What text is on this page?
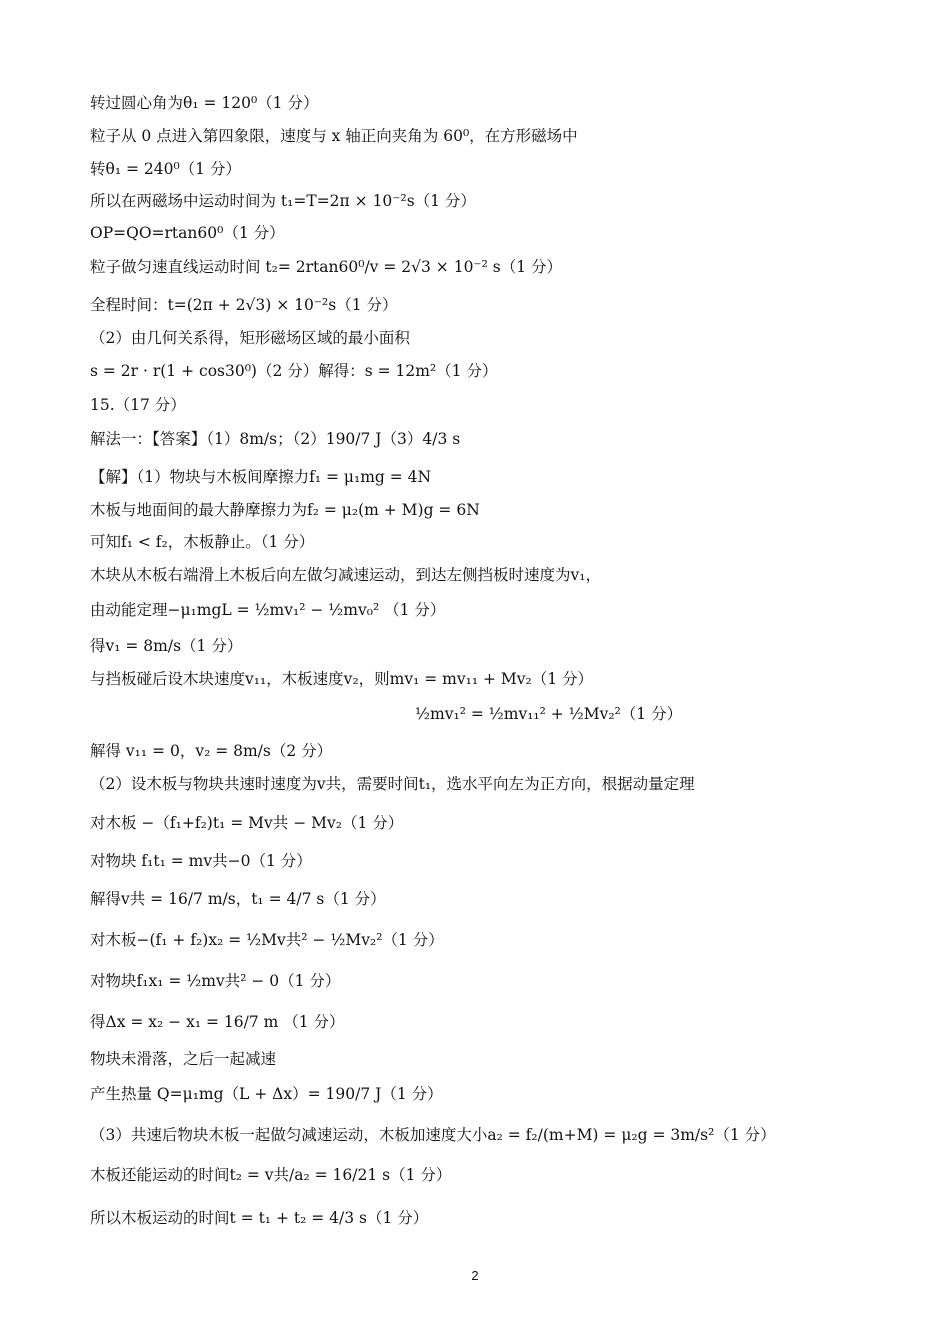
转过圆心角为θ₁ = 120⁰（1 分）
粒子从 0 点进入第四象限，速度与 x 轴正向夹角为 60⁰，在方形磁场中
转θ₁ = 240⁰（1 分）
所以在两磁场中运动时间为 t₁=T=2π × 10⁻²s（1 分）
OP=QO=rtan60⁰（1 分）
粒子做匀速直线运动时间 t₂= 2rtan60⁰/v = 2√3 × 10⁻² s（1 分）
全程时间：t=(2π + 2√3) × 10⁻²s（1 分）
（2）由几何关系得，矩形磁场区域的最小面积
s = 2r · r(1 + cos30⁰)（2 分）解得：s = 12m²（1 分）
15.（17 分）
解法一：【答案】（1）8m/s；（2）190/7 J（3）4/3 s
【解】（1）物块与木板间摩擦力f₁ = μ₁mg = 4N
木板与地面间的最大静摩擦力为f₂ = μ₂(m + M)g = 6N
可知f₁ < f₂，木板静止。（1 分）
木块从木板右端滑上木板后向左做匀减速运动，到达左侧挡板时速度为v₁，
由动能定理−μ₁mgL = ½mv₁² − ½mv₀² （1 分）
得v₁ = 8m/s（1 分）
与挡板碰后设木块速度v₁₁，木板速度v₂，则mv₁ = mv₁₁ + Mv₂（1 分）
½mv₁² = ½mv₁₁² + ½Mv₂²（1 分）
解得 v₁₁ = 0，v₂ = 8m/s（2 分）
（2）设木板与物块共速时速度为v共，需要时间t₁，选水平向左为正方向，根据动量定理
对木板 −（f₁+f₂)t₁ = Mv共 − Mv₂（1 分）
对物块 f₁t₁ = mv共−0（1 分）
解得v共 = 16/7 m/s，t₁ = 4/7 s（1 分）
对木板−(f₁ + f₂)x₂ = ½Mv共² − ½Mv₂²（1 分）
对物块f₁x₁ = ½mv共² − 0（1 分）
得Δx = x₂ − x₁ = 16/7 m （1 分）
物块未滑落，之后一起减速
产生热量 Q=μ₁mg（L + Δx）= 190/7 J（1 分）
（3）共速后物块木板一起做匀减速运动，木板加速度大小a₂ = f₂/(m+M) = μ₂g = 3m/s²（1 分）
木板还能运动的时间t₂ = v共/a₂ = 16/21 s（1 分）
所以木板运动的时间t = t₁ + t₂ = 4/3 s（1 分）
2
